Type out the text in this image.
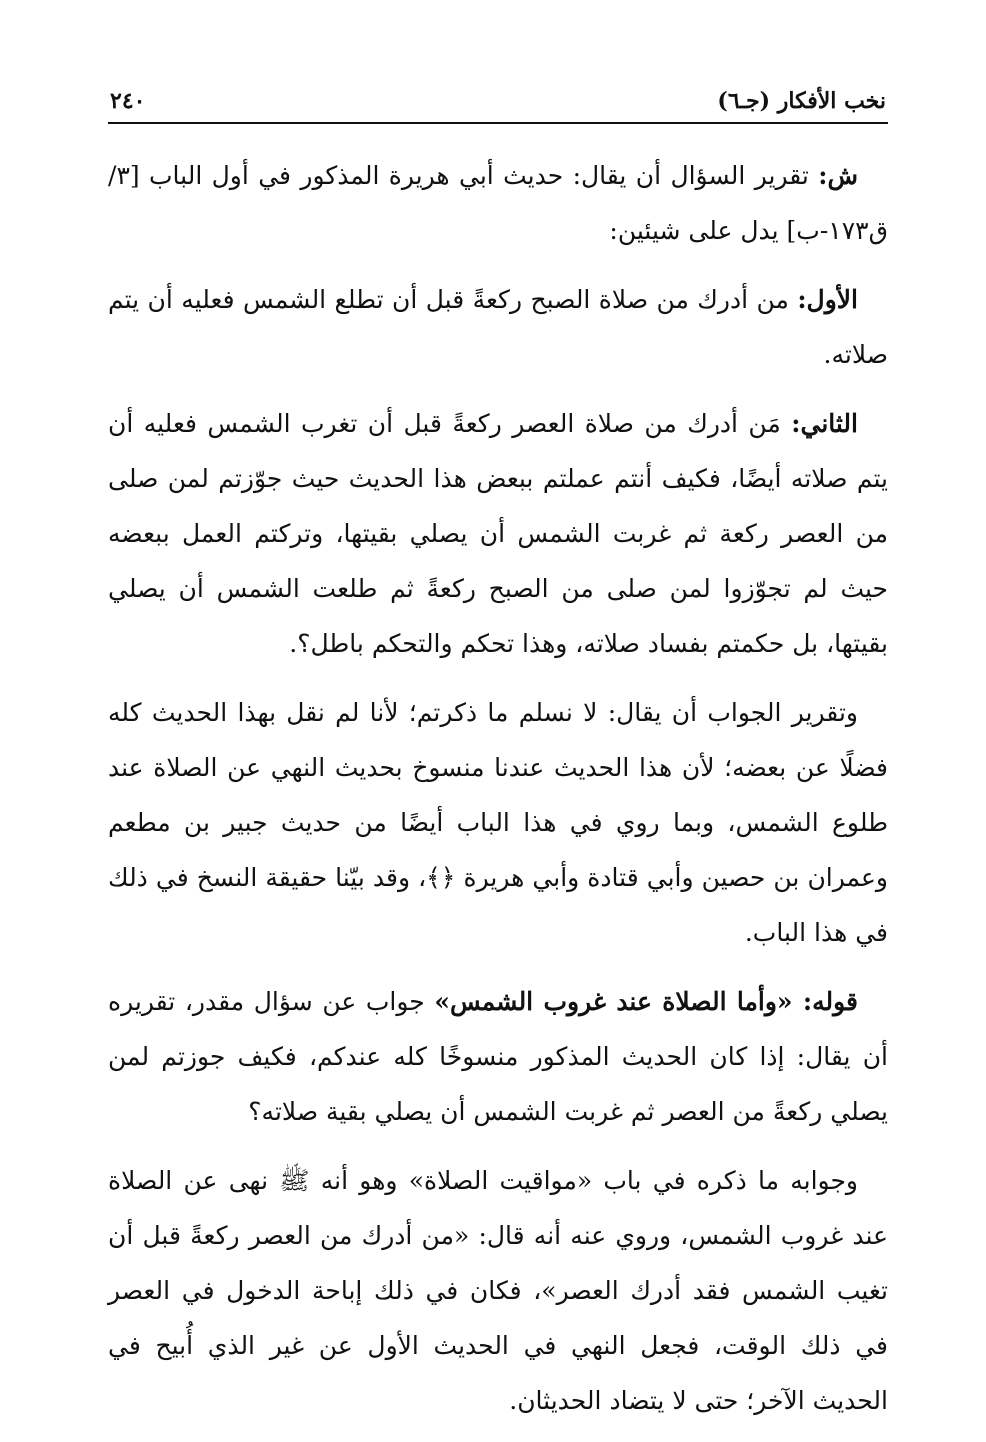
نخب الأفكار (جـ٦)
٢٤٠

ش: تقرير السؤال أن يقال: حديث أبي هريرة المذكور في أول الباب [٣/ ق١٧٣-ب] يدل على شيئين:

الأول: من أدرك من صلاة الصبح ركعةً قبل أن تطلع الشمس فعليه أن يتم صلاته.

الثاني: مَن أدرك من صلاة العصر ركعةً قبل أن تغرب الشمس فعليه أن يتم صلاته أيضًا، فكيف أنتم عملتم ببعض هذا الحديث حيث جوّزتم لمن صلى من العصر ركعة ثم غربت الشمس أن يصلي بقيتها، وتركتم العمل ببعضه حيث لم تجوّزوا لمن صلى من الصبح ركعةً ثم طلعت الشمس أن يصلي بقيتها، بل حكمتم بفساد صلاته، وهذا تحكم والتحكم باطل؟.

وتقرير الجواب أن يقال: لا نسلم ما ذكرتم؛ لأنا لم نقل بهذا الحديث كله فضلًا عن بعضه؛ لأن هذا الحديث عندنا منسوخ بحديث النهي عن الصلاة عند طلوع الشمس، وبما روي في هذا الباب أيضًا من حديث جبير بن مطعم وعمران بن حصين وأبي قتادة وأبي هريرة ﴿﴾، وقد بيّنا حقيقة النسخ في ذلك في هذا الباب.

قوله: «وأما الصلاة عند غروب الشمس» جواب عن سؤال مقدر، تقريره أن يقال: إذا كان الحديث المذكور منسوخًا كله عندكم، فكيف جوزتم لمن يصلي ركعةً من العصر ثم غربت الشمس أن يصلي بقية صلاته؟

وجوابه ما ذكره في باب «مواقيت الصلاة» وهو أنه ﷺ نهى عن الصلاة عند غروب الشمس، وروي عنه أنه قال: «من أدرك من العصر ركعةً قبل أن تغيب الشمس فقد أدرك العصر»، فكان في ذلك إباحة الدخول في العصر في ذلك الوقت، فجعل النهي في الحديث الأول عن غير الذي أُبيح في الحديث الآخر؛ حتى لا يتضاد الحديثان.
